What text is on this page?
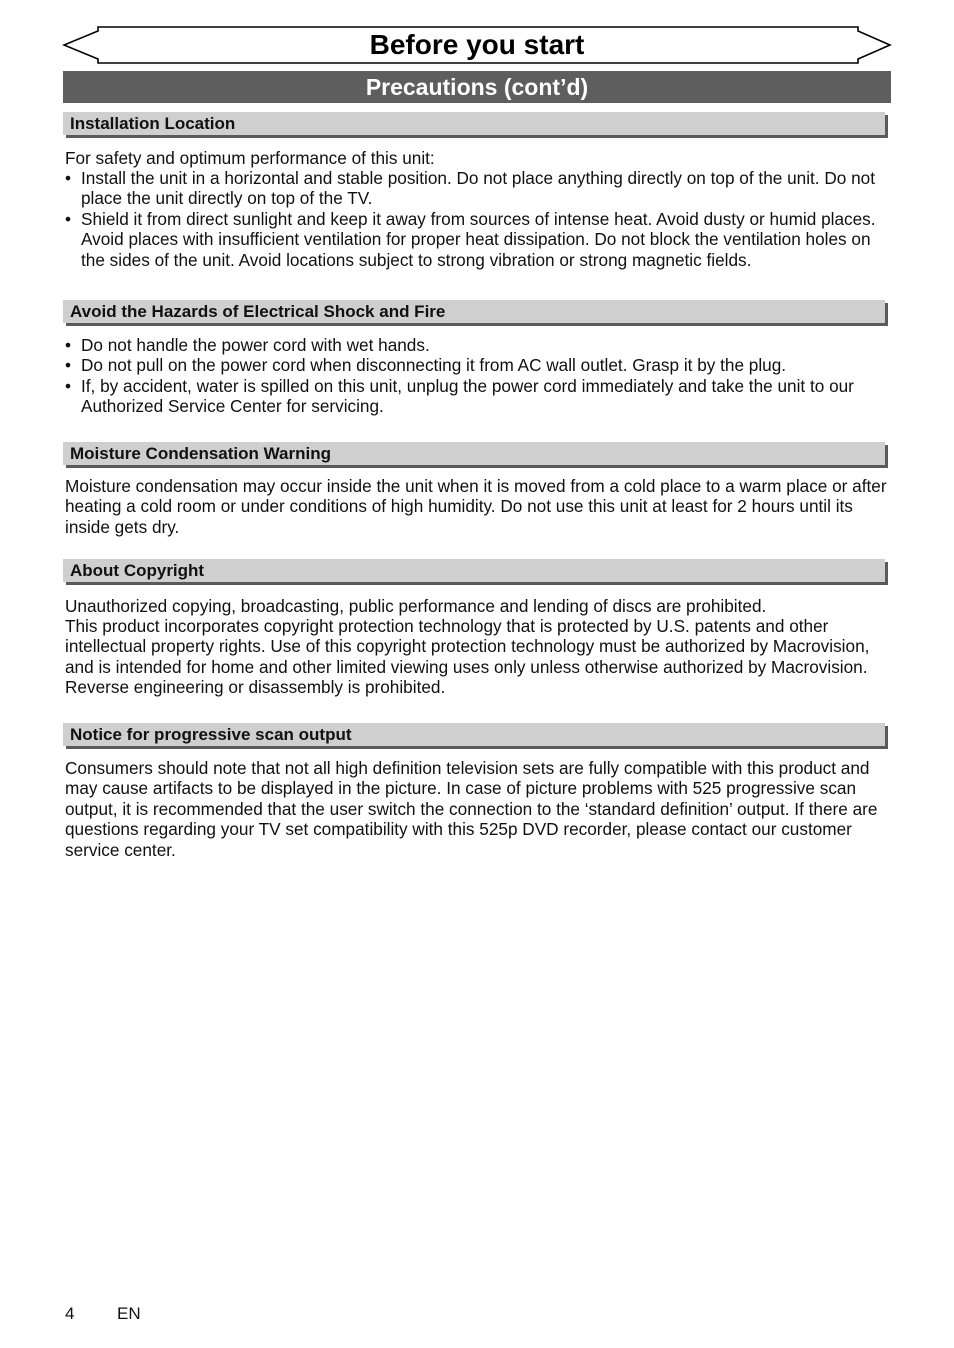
Before you start
Precautions (cont’d)
Installation Location

For safety and optimum performance of this unit:

• Install the unit in a horizontal and stable position. Do not place anything directly on top of the unit. Do not place the unit directly on top of the TV.
• Shield it from direct sunlight and keep it away from sources of intense heat. Avoid dusty or humid places. Avoid places with insufficient ventilation for proper heat dissipation. Do not block the ventilation holes on the sides of the unit. Avoid locations subject to strong vibration or strong magnetic fields.
Avoid the Hazards of Electrical Shock and Fire
• Do not handle the power cord with wet hands.
• Do not pull on the power cord when disconnecting it from AC wall outlet. Grasp it by the plug.
• If, by accident, water is spilled on this unit, unplug the power cord immediately and take the unit to our Authorized Service Center for servicing.
Moisture Condensation Warning

Moisture condensation may occur inside the unit when it is moved from a cold place to a warm place or after heating a cold room or under conditions of high humidity. Do not use this unit at least for 2 hours until its inside gets dry.

About Copyright

Unauthorized copying, broadcasting, public performance and lending of discs are prohibited.

This product incorporates copyright protection technology that is protected by U.S. patents and other intellectual property rights. Use of this copyright protection technology must be authorized by Macrovision, and is intended for home and other limited viewing uses only unless otherwise authorized by Macrovision. Reverse engineering or disassembly is prohibited.

Notice for progressive scan output

Consumers should note that not all high definition television sets are fully compatible with this product and may cause artifacts to be displayed in the picture. In case of picture problems with 525 progressive scan output, it is recommended that the user switch the connection to the ‘standard definition’ output. If there are questions regarding your TV set compatibility with this 525p DVD recorder, please contact our customer service center.

4	EN
